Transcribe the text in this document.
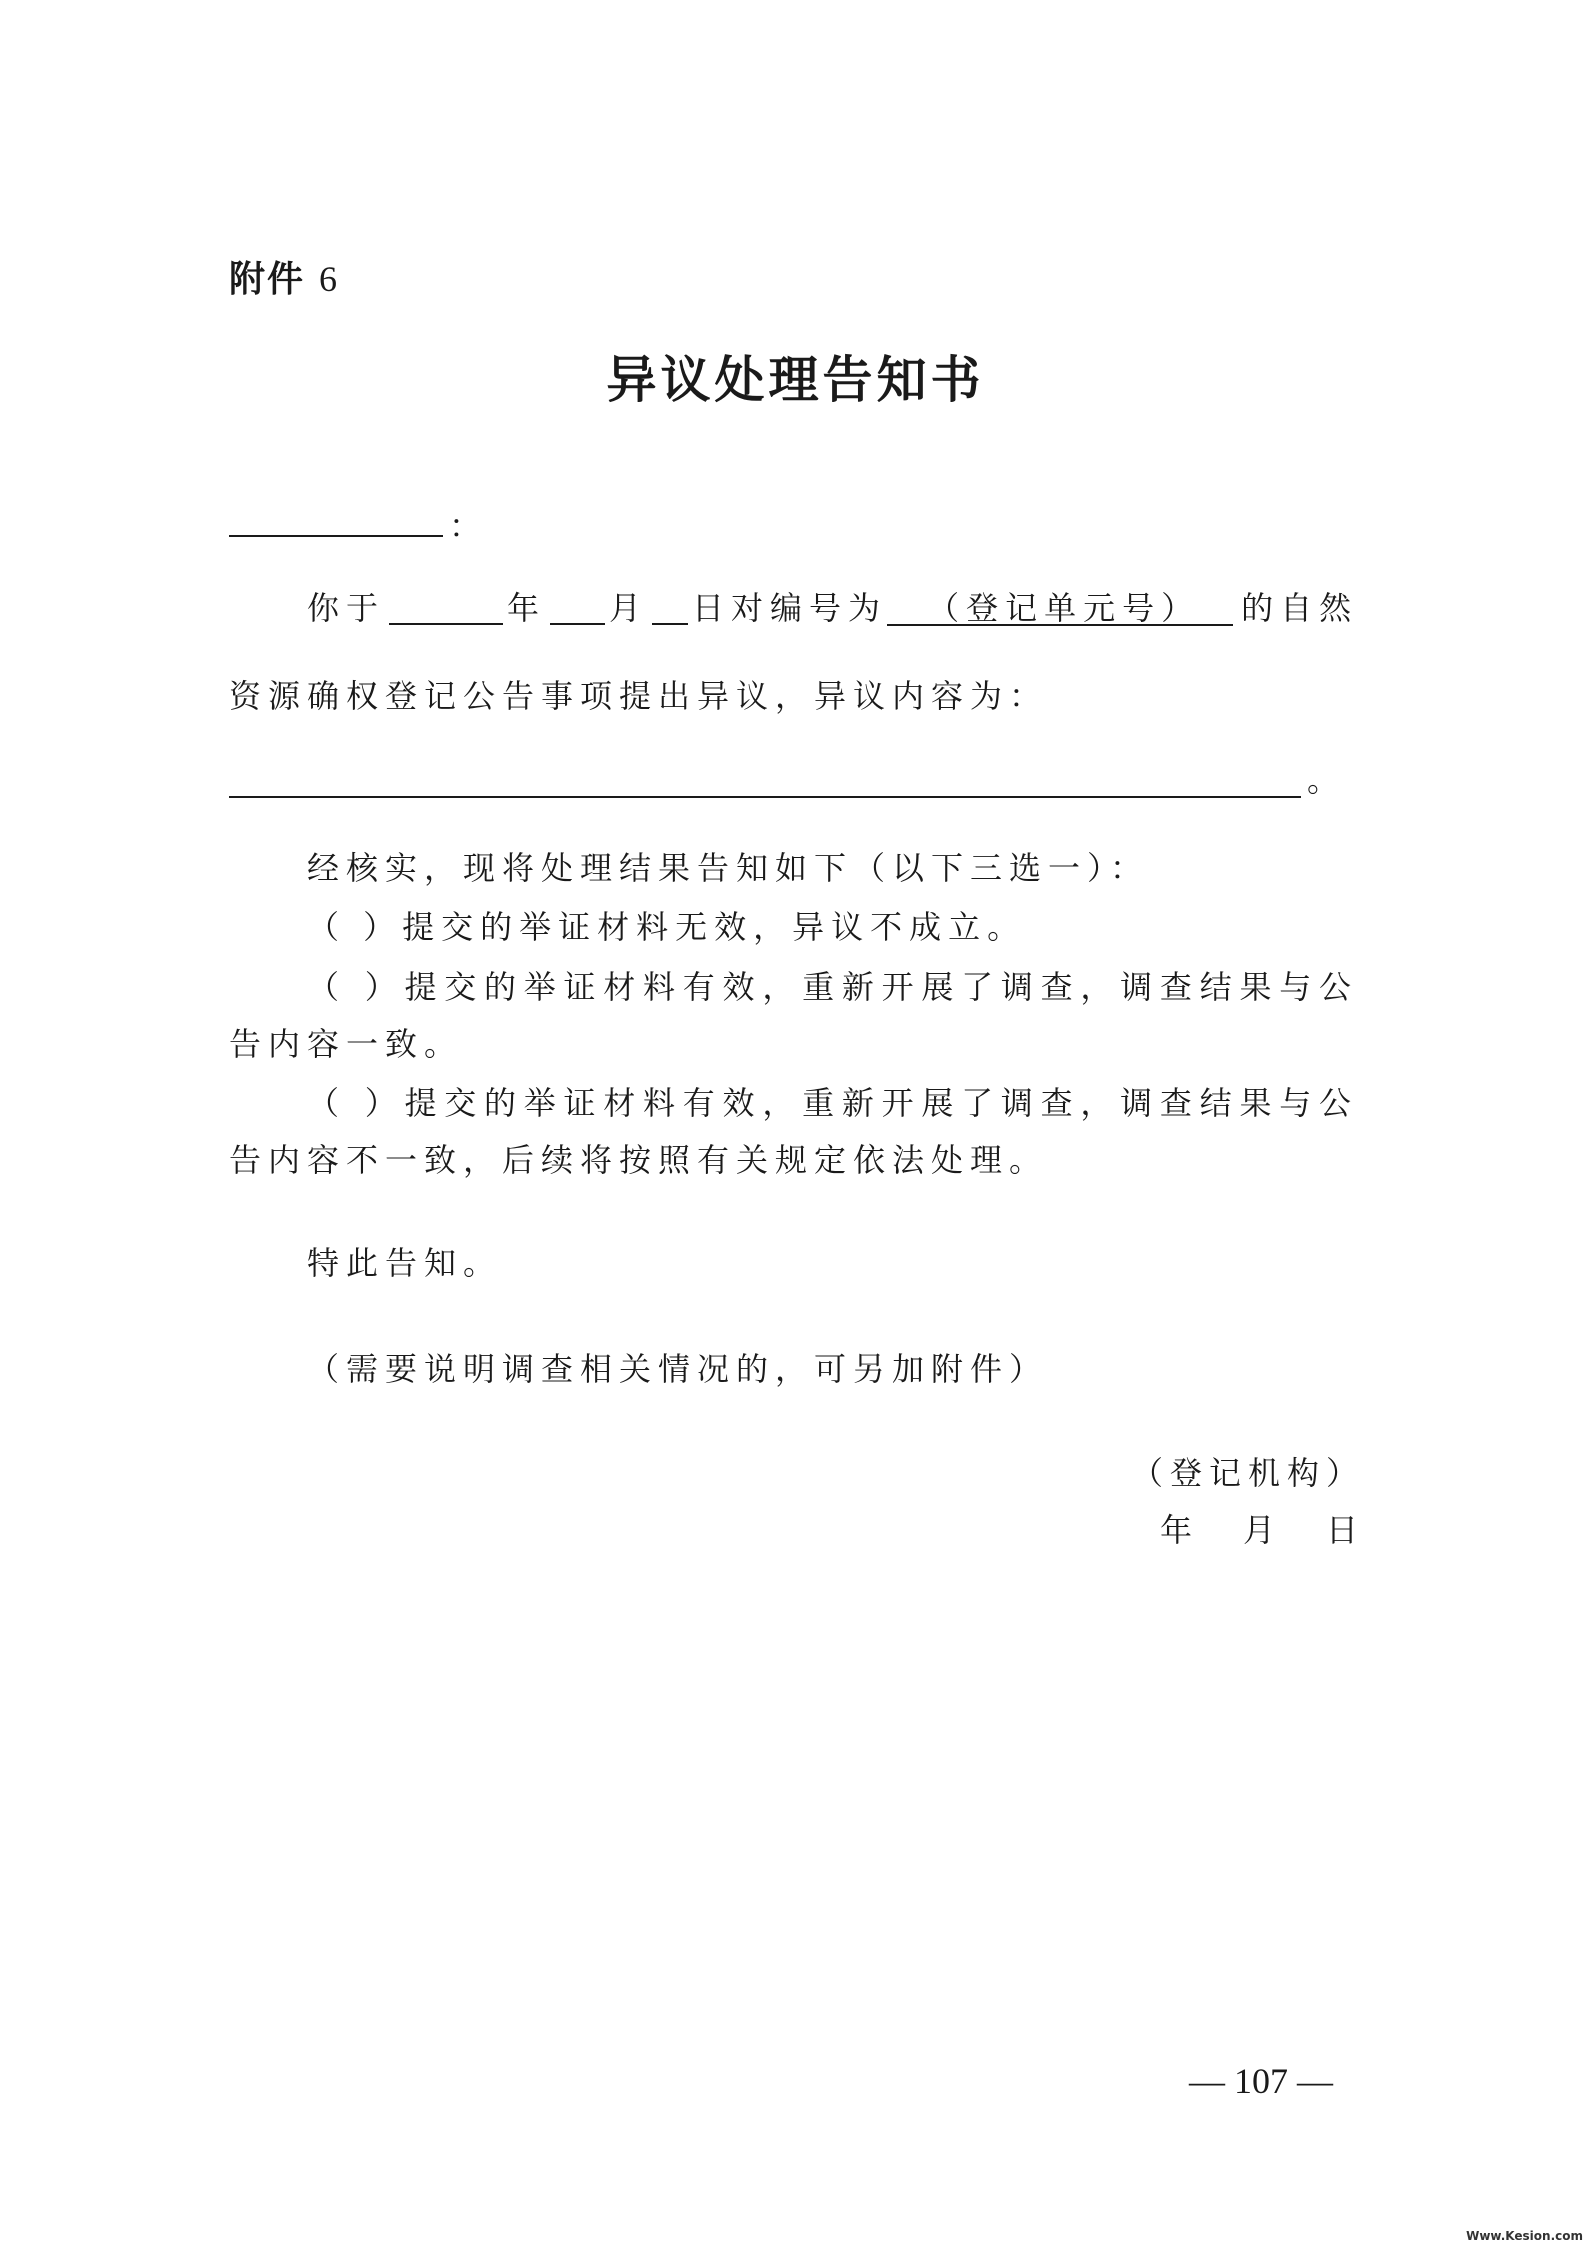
附件 6
异议处理告知书
：
你于	年 月 日对编号为	（登记单元号）	的自然
资源确权登记公告事项提出异议，异议内容为：
。
经核实，现将处理结果告知如下（以下三选一）：
（ ）提交的举证材料无效，异议不成立。
（ ）提交的举证材料有效，重新开展了调查，调查结果与公
告内容一致。
（ ）提交的举证材料有效，重新开展了调查，调查结果与公
告内容不一致，后续将按照有关规定依法处理。
特此告知。
（需要说明调查相关情况的，可另加附件）
（登记机构）
年 月 日
— 107 —
Www.Kesion.com
